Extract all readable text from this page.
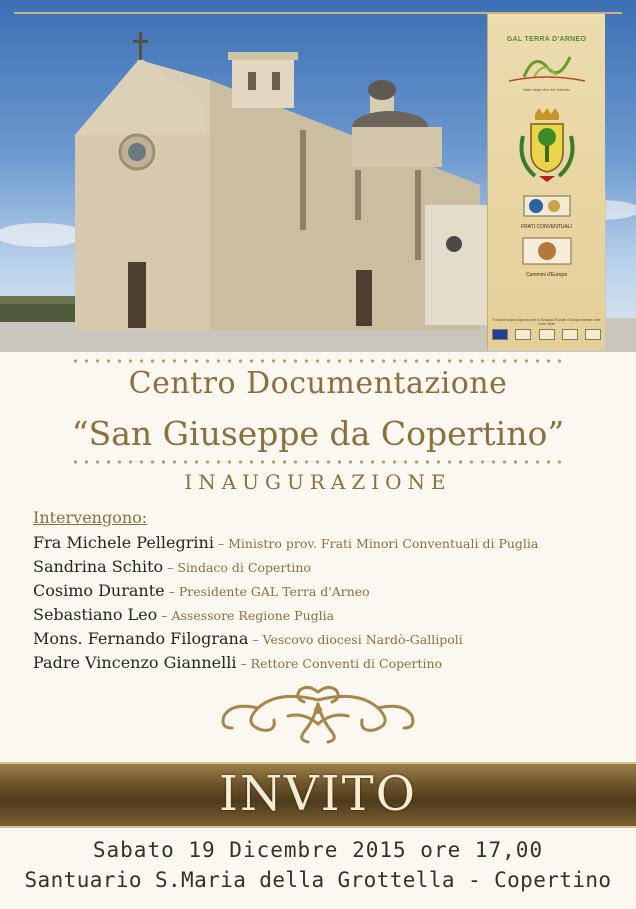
GAL TERRA D'ARNEO
Valle degli ulivi del Salento
FRATI CONVENTUALI
Cammini d'Europa
Fondo Europeo Agricolo per lo Sviluppo Rurale: l'Europa investe nelle zone rurali
Centro Documentazione
“San Giuseppe da Copertino”
INAUGURAZIONE
Intervengono:
Fra Michele Pellegrini – Ministro prov. Frati Minori Conventuali di Puglia
Sandrina Schito – Sindaco di Copertino
Cosimo Durante – Presidente GAL Terra d'Arneo
Sebastiano Leo – Assessore Regione Puglia
Mons. Fernando Filograna – Vescovo diocesi Nardò-Gallipoli
Padre Vincenzo Giannelli – Rettore Conventi di Copertino
INVITO
Sabato 19 Dicembre 2015 ore 17,00
Santuario S.Maria della Grottella - Copertino
